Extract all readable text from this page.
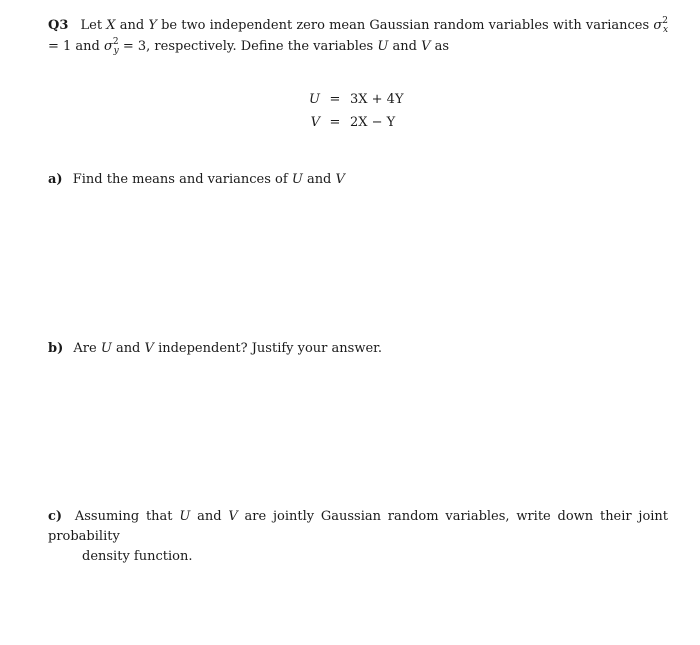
Q3 Let X and Y be two independent zero mean Gaussian random variables with variances $\sigma^2_x = 1$ and $\sigma^2_y = 3$, respectively. Define the variables U and V as
U = 3X + 4Y
V = 2X − Y
a) Find the means and variances of U and V
b) Are U and V independent? Justify your answer.
c) Assuming that U and V are jointly Gaussian random variables, write down their joint probability
density function.
